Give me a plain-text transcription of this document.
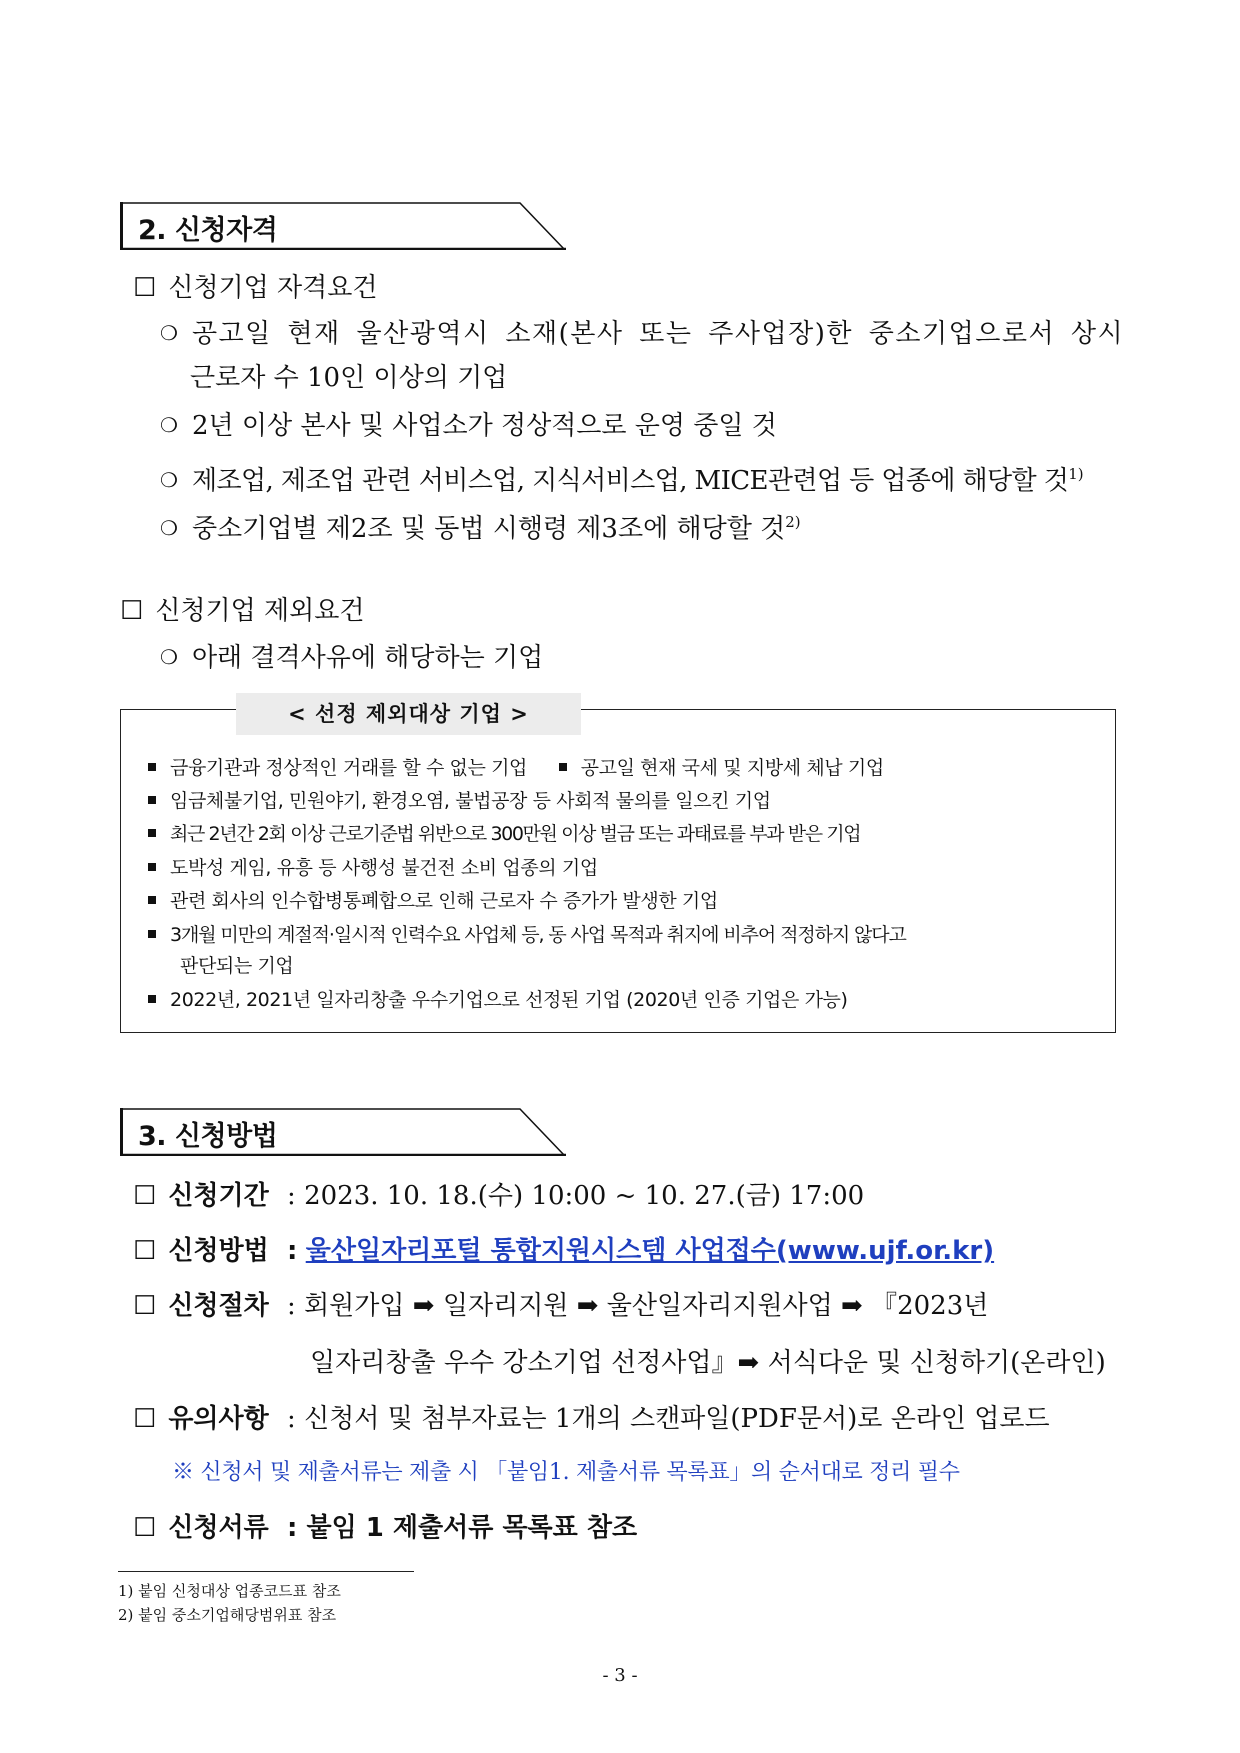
2. 신청자격
☐ 신청기업 자격요건
❍ 공고일 현재 울산광역시 소재(본사 또는 주사업장)한 중소기업으로서 상시
근로자 수 10인 이상의 기업
❍ 2년 이상 본사 및 사업소가 정상적으로 운영 중일 것
❍ 제조업, 제조업 관련 서비스업, 지식서비스업, MICE관련업 등 업종에 해당할 것$^{1)}$
❍ 중소기업별 제2조 및 동법 시행령 제3조에 해당할 것$^{2)}$
☐ 신청기업 제외요건
❍ 아래 결격사유에 해당하는 기업
< 선정 제외대상 기업 >
금융기관과 정상적인 거래를 할 수 없는 기업	공고일 현재 국세 및 지방세 체납 기업
임금체불기업, 민원야기, 환경오염, 불법공장 등 사회적 물의를 일으킨 기업
최근 2년간 2회 이상 근로기준법 위반으로 300만원 이상 벌금 또는 과태료를 부과 받은 기업
도박성 게임, 유흥 등 사행성 불건전 소비 업종의 기업
관련 회사의 인수합병통폐합으로 인해 근로자 수 증가가 발생한 기업
3개월 미만의 계절적·일시적 인력수요 사업체 등, 동 사업 목적과 취지에 비추어 적정하지 않다고
판단되는 기업
2022년, 2021년 일자리창출 우수기업으로 선정된 기업 (2020년 인증 기업은 가능)
3. 신청방법
☐ 신청기간 : 2023. 10. 18.(수) 10:00 ~ 10. 27.(금) 17:00
☐ 신청방법 : 울산일자리포털 통합지원시스템 사업접수(www.ujf.or.kr)
☐ 신청절차 : 회원가입 ➡ 일자리지원 ➡ 울산일자리지원사업 ➡ 『2023년
일자리창출 우수 강소기업 선정사업』➡ 서식다운 및 신청하기(온라인)
☐ 유의사항 : 신청서 및 첨부자료는 1개의 스캔파일(PDF문서)로 온라인 업로드
※ 신청서 및 제출서류는 제출 시 「붙임1. 제출서류 목록표」의 순서대로 정리 필수
☐ 신청서류 : 붙임 1 제출서류 목록표 참조
1) 붙임 신청대상 업종코드표 참조
2) 붙임 중소기업해당범위표 참조
- 3 -
